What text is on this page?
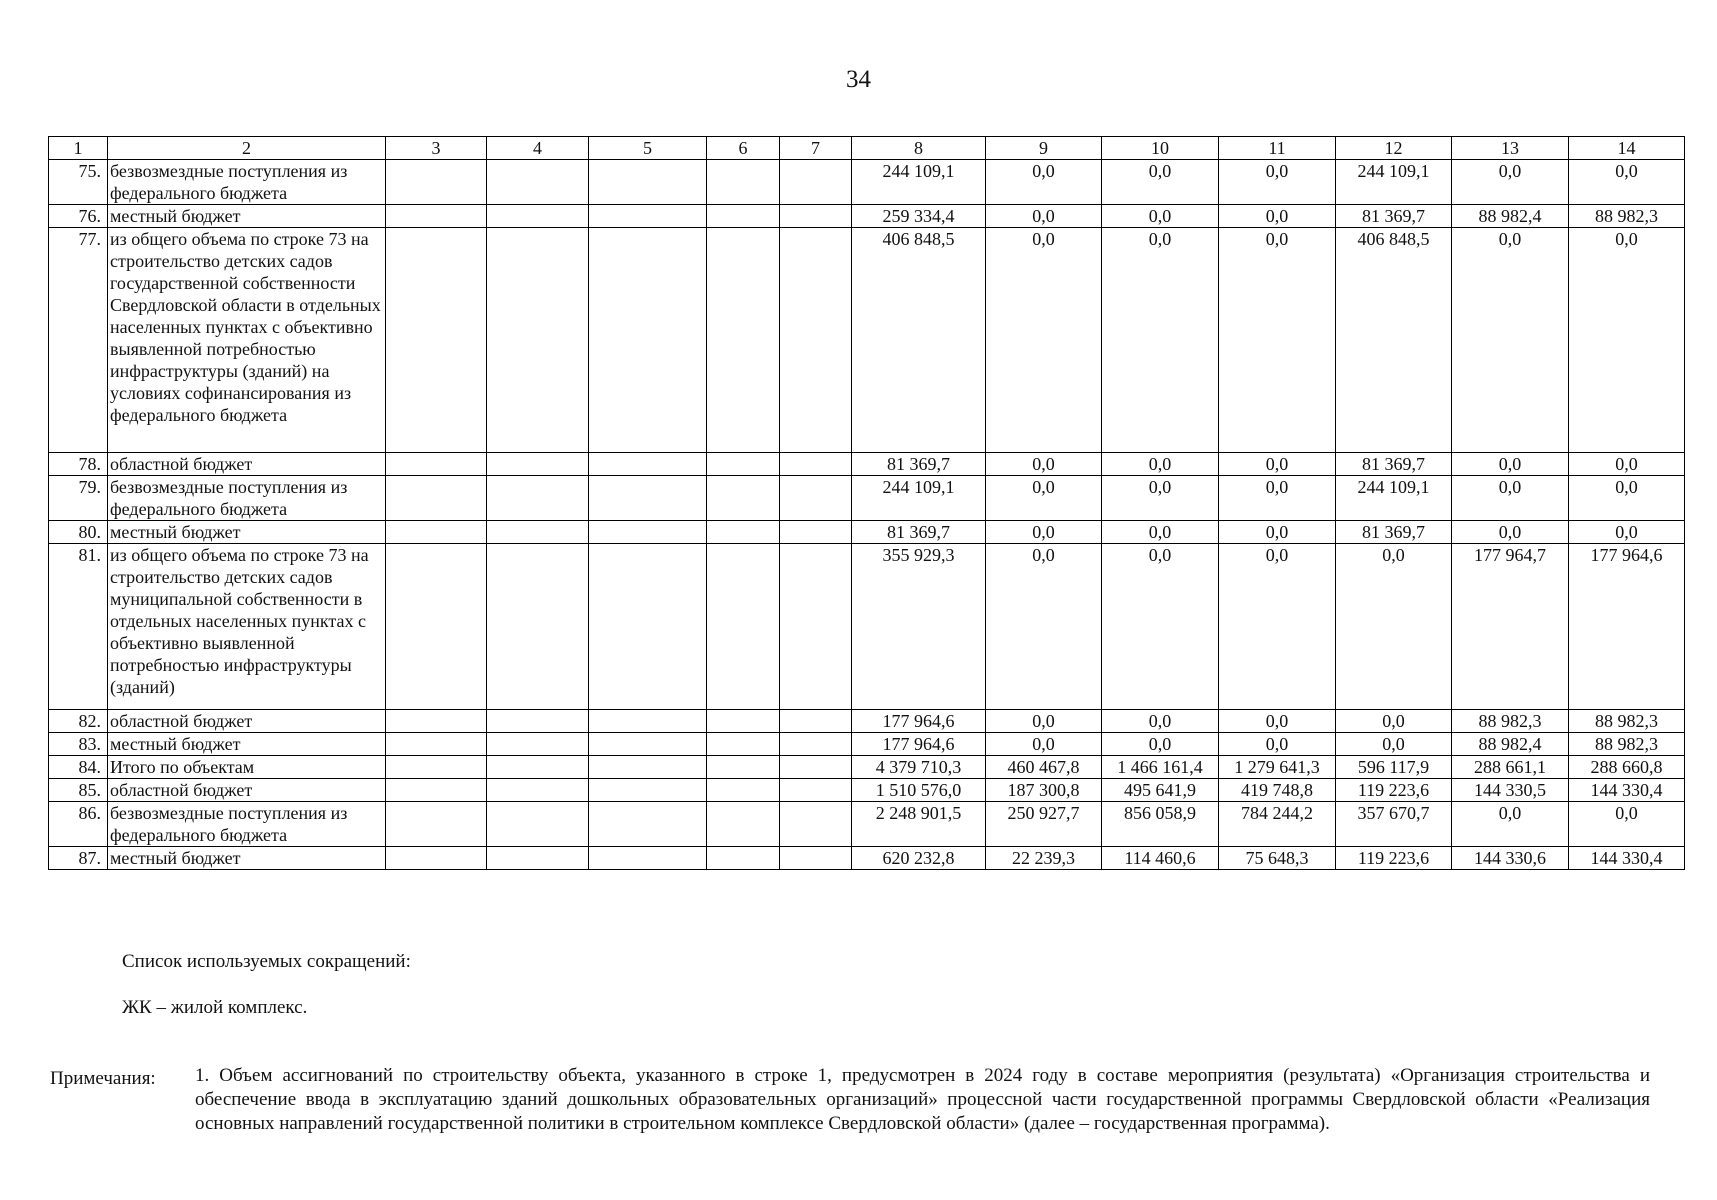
34
1	2	3	4	5	6	7	8	9	10	11	12	13	14
75.	безвозмездные поступления из федерального бюджета						244 109,1	0,0	0,0	0,0	244 109,1	0,0	0,0
76.	местный бюджет						259 334,4	0,0	0,0	0,0	81 369,7	88 982,4	88 982,3
77.	из общего объема по строке 73 на строительство детских садов государственной собственности Свердловской области в отдельных населенных пунктах с объективно выявленной потребностью инфраструктуры (зданий) на условиях софинансирования из федерального бюджета						406 848,5	0,0	0,0	0,0	406 848,5	0,0	0,0
78.	областной бюджет						81 369,7	0,0	0,0	0,0	81 369,7	0,0	0,0
79.	безвозмездные поступления из федерального бюджета						244 109,1	0,0	0,0	0,0	244 109,1	0,0	0,0
80.	местный бюджет						81 369,7	0,0	0,0	0,0	81 369,7	0,0	0,0
81.	из общего объема по строке 73 на строительство детских садов муниципальной собственности в отдельных населенных пунктах с объективно выявленной потребностью инфраструктуры (зданий)						355 929,3	0,0	0,0	0,0	0,0	177 964,7	177 964,6
82.	областной бюджет						177 964,6	0,0	0,0	0,0	0,0	88 982,3	88 982,3
83.	местный бюджет						177 964,6	0,0	0,0	0,0	0,0	88 982,4	88 982,3
84.	Итого по объектам						4 379 710,3	460 467,8	1 466 161,4	1 279 641,3	596 117,9	288 661,1	288 660,8
85.	областной бюджет						1 510 576,0	187 300,8	495 641,9	419 748,8	119 223,6	144 330,5	144 330,4
86.	безвозмездные поступления из федерального бюджета						2 248 901,5	250 927,7	856 058,9	784 244,2	357 670,7	0,0	0,0
87.	местный бюджет						620 232,8	22 239,3	114 460,6	75 648,3	119 223,6	144 330,6	144 330,4
Список используемых сокращений:
ЖК – жилой комплекс.
Примечания: 1. Объем ассигнований по строительству объекта, указанного в строке 1, предусмотрен в 2024 году в составе мероприятия (результата) «Организация строительства и обеспечение ввода в эксплуатацию зданий дошкольных образовательных организаций» процессной части государственной программы Свердловской области «Реализация основных направлений государственной политики в строительном комплексе Свердловской области» (далее – государственная программа).
